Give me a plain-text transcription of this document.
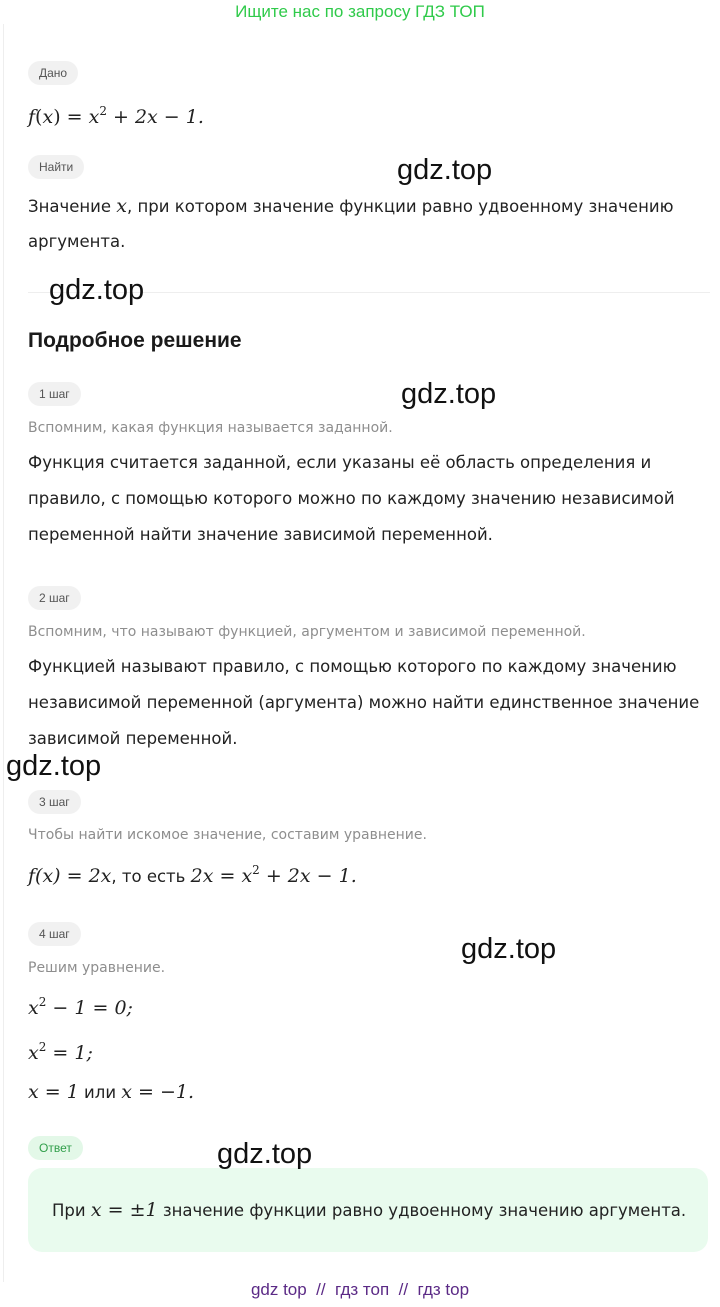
Ищите нас по запросу ГДЗ ТОП
Дано
$f(x) = x^2 + 2x - 1$.
Найти
Значение x, при котором значение функции равно удвоенному значению
аргумента.
Подробное решение
1 шаг
Вспомним, какая функция называется заданной.
Функция считается заданной, если указаны её область определения и
правило, с помощью которого можно по каждому значению независимой
переменной найти значение зависимой переменной.
2 шаг
Вспомним, что называют функцией, аргументом и зависимой переменной.
Функцией называют правило, с помощью которого по каждому значению
независимой переменной (аргумента) можно найти единственное значение
зависимой переменной.
3 шаг
Чтобы найти искомое значение, составим уравнение.
f(x) = 2x, то есть $2x = x^2 + 2x - 1$.
4 шаг
Решим уравнение.
$x^2 - 1 = 0$;
$x^2 = 1$;
x = 1 или x = −1.
Ответ
При x = ±1 значение функции равно удвоенному значению аргумента.
gdz.top
gdz.top
gdz.top
gdz.top
gdz.top
gdz.top
gdz top  //  гдз топ  //  гдз top
